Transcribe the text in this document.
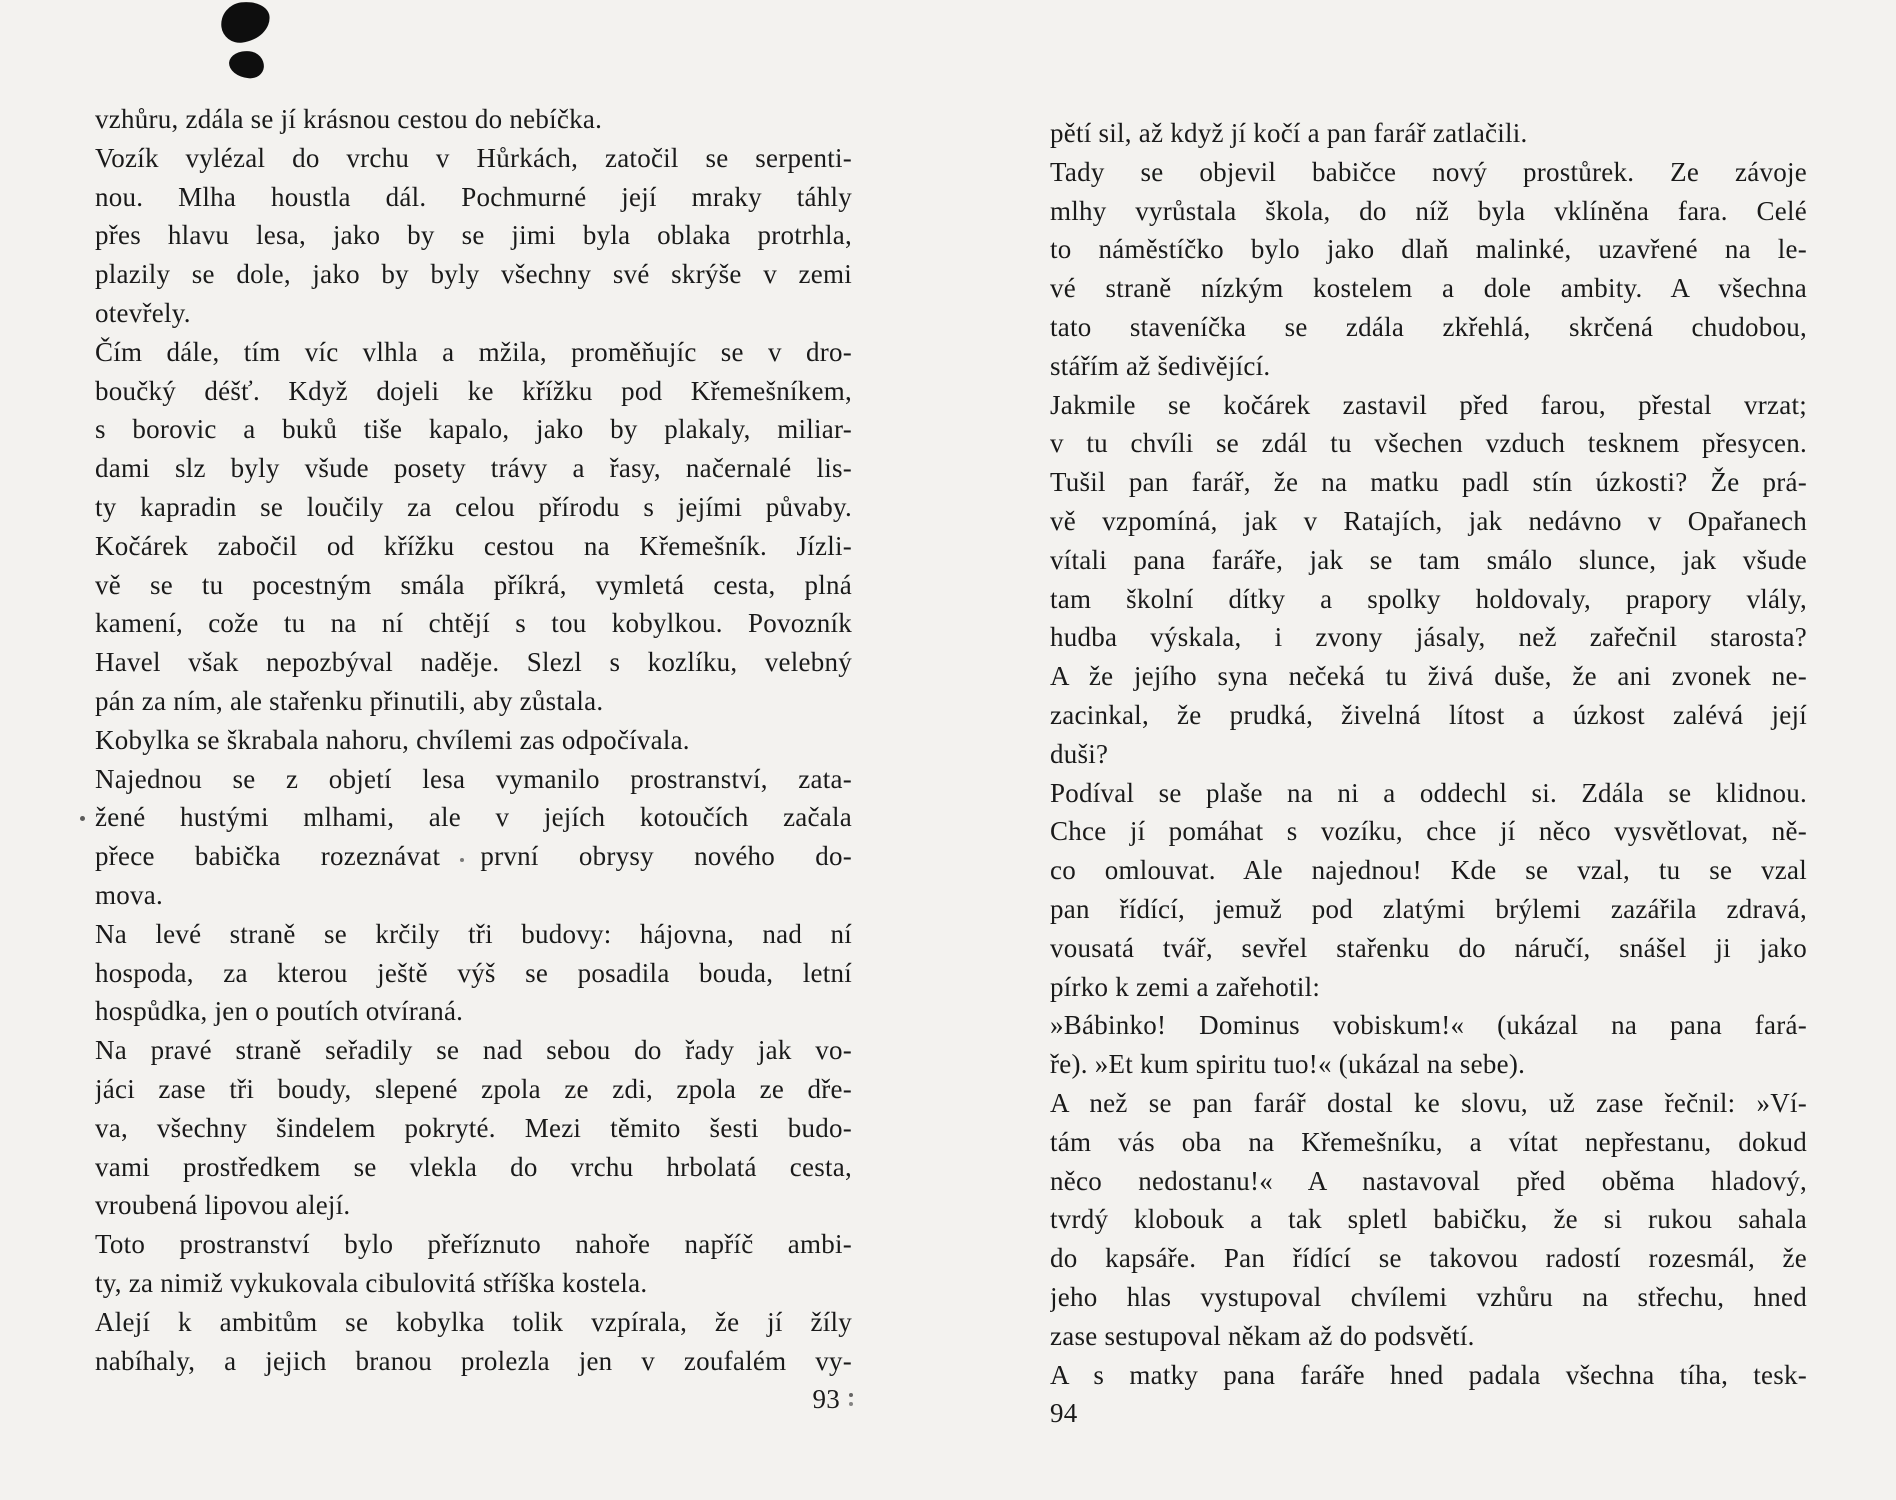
vzhůru, zdála se jí krásnou cestou do nebíčka.
Vozík vylézal do vrchu v Hůrkách, zatočil se serpenti-
nou. Mlha houstla dál. Pochmurné její mraky táhly
přes hlavu lesa, jako by se jimi byla oblaka protrhla,
plazily se dole, jako by byly všechny své skrýše v zemi
otevřely.
Čím dále, tím víc vlhla a mžila, proměňujíc se v dro-
boučký déšť. Když dojeli ke křížku pod Křemešníkem,
s borovic a buků tiše kapalo, jako by plakaly, miliar-
dami slz byly všude posety trávy a řasy, načernalé lis-
ty kapradin se loučily za celou přírodu s jejími půvaby.
Kočárek zabočil od křížku cestou na Křemešník. Jízli-
vě se tu pocestným smála příkrá, vymletá cesta, plná
kamení, cože tu na ní chtějí s tou kobylkou. Povozník
Havel však nepozbýval naděje. Slezl s kozlíku, velebný
pán za ním, ale stařenku přinutili, aby zůstala.
Kobylka se škrabala nahoru, chvílemi zas odpočívala.
Najednou se z objetí lesa vymanilo prostranství, zata-
žené hustými mlhami, ale v jejích kotoučích začala
přece babička rozeznávat první obrysy nového do-
mova.
Na levé straně se krčily tři budovy: hájovna, nad ní
hospoda, za kterou ještě výš se posadila bouda, letní
hospůdka, jen o poutích otvíraná.
Na pravé straně seřadily se nad sebou do řady jak vo-
jáci zase tři boudy, slepené zpola ze zdi, zpola ze dře-
va, všechny šindelem pokryté. Mezi těmito šesti budo-
vami prostředkem se vlekla do vrchu hrbolatá cesta,
vroubená lipovou alejí.
Toto prostranství bylo přeříznuto nahoře napříč ambi-
ty, za nimiž vykukovala cibulovitá stříška kostela.
Alejí k ambitům se kobylka tolik vzpírala, že jí žíly
nabíhaly, a jejich branou prolezla jen v zoufalém vy-
93
pětí sil, až když jí kočí a pan farář zatlačili.
Tady se objevil babičce nový prostůrek. Ze závoje
mlhy vyrůstala škola, do níž byla vklíněna fara. Celé
to náměstíčko bylo jako dlaň malinké, uzavřené na le-
vé straně nízkým kostelem a dole ambity. A všechna
tato staveníčka se zdála zkřehlá, skrčená chudobou,
stářím až šedivějící.
Jakmile se kočárek zastavil před farou, přestal vrzat;
v tu chvíli se zdál tu všechen vzduch tesknem přesycen.
Tušil pan farář, že na matku padl stín úzkosti? Že prá-
vě vzpomíná, jak v Ratajích, jak nedávno v Opařanech
vítali pana faráře, jak se tam smálo slunce, jak všude
tam školní dítky a spolky holdovaly, prapory vlály,
hudba výskala, i zvony jásaly, než zařečnil starosta?
A že jejího syna nečeká tu živá duše, že ani zvonek ne-
zacinkal, že prudká, živelná lítost a úzkost zalévá její
duši?
Podíval se plaše na ni a oddechl si. Zdála se klidnou.
Chce jí pomáhat s vozíku, chce jí něco vysvětlovat, ně-
co omlouvat. Ale najednou! Kde se vzal, tu se vzal
pan řídící, jemuž pod zlatými brýlemi zazářila zdravá,
vousatá tvář, sevřel stařenku do náručí, snášel ji jako
pírko k zemi a zařehotil:
»Bábinko! Dominus vobiskum!« (ukázal na pana fará-
ře). »Et kum spiritu tuo!« (ukázal na sebe).
A než se pan farář dostal ke slovu, už zase řečnil: »Ví-
tám vás oba na Křemešníku, a vítat nepřestanu, dokud
něco nedostanu!« A nastavoval před oběma hladový,
tvrdý klobouk a tak spletl babičku, že si rukou sahala
do kapsáře. Pan řídící se takovou radostí rozesmál, že
jeho hlas vystupoval chvílemi vzhůru na střechu, hned
zase sestupoval někam až do podsvětí.
A s matky pana faráře hned padala všechna tíha, tesk-
94
